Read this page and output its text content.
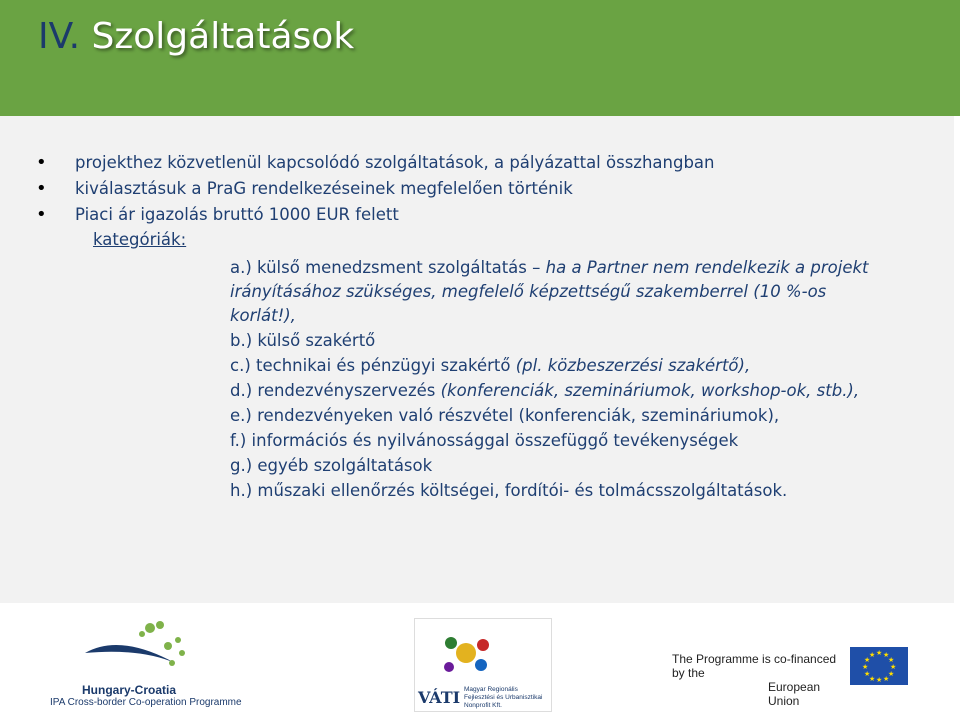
IV. Szolgáltatások
• projekthez közvetlenül kapcsolódó szolgáltatások, a pályázattal összhangban
• kiválasztásuk a PraG rendelkezéseinek megfelelően történik
• Piaci ár igazolás bruttó 1000 EUR felett
kategóriák:
a.) külső menedzsment szolgáltatás – ha a Partner nem rendelkezik a projekt irányításához szükséges, megfelelő képzettségű szakemberrel (10 %-os korlát!),
b.) külső szakértő
c.) technikai és pénzügyi szakértő (pl. közbeszerzési szakértő),
d.) rendezvényszervezés (konferenciák, szemináriumok, workshop-ok, stb.),
e.) rendezvényeken való részvétel (konferenciák, szemináriumok),
f.) információs és nyilvánossággal összefüggő tevékenységek
g.) egyéb szolgáltatások
h.) műszaki ellenőrzés költségei, fordítói- és tolmácsszolgáltatások.
Hungary-Croatia
IPA Cross-border Co-operation Programme	VÁTI Magyar Regionális Fejlesztési és Urbanisztikai Nonprofit Kft.
The Programme is co-financed by the
European Union
★ ★
★
★
★
★
★
★
★
★
★
★
